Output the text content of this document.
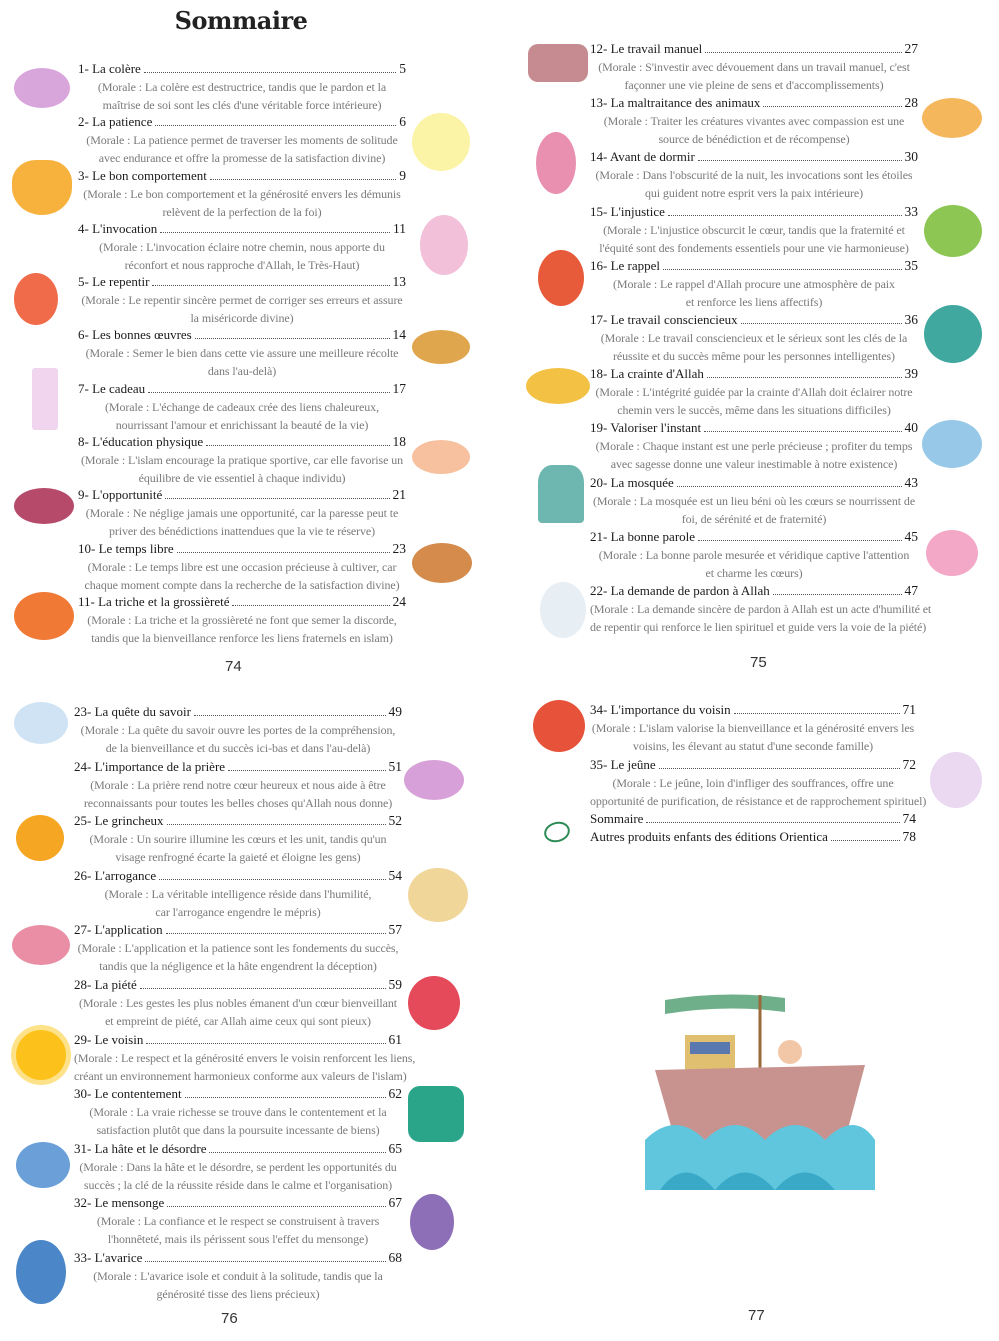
Sommaire
1- La colère	5
(Morale : La colère est destructrice, tandis que le pardon et la
maîtrise de soi sont les clés d'une véritable force intérieure)
2- La patience	6
(Morale : La patience permet de traverser les moments de solitude
avec endurance et offre la promesse de la satisfaction divine)
3- Le bon comportement	9
(Morale : Le bon comportement et la générosité envers les démunis
relèvent de la perfection de la foi)
4- L'invocation	11
(Morale : L'invocation éclaire notre chemin, nous apporte du
réconfort et nous rapproche d'Allah, le Très-Haut)
5- Le repentir	13
(Morale : Le repentir sincère permet de corriger ses erreurs et assure
la miséricorde divine)
6- Les bonnes œuvres	14
(Morale : Semer le bien dans cette vie assure une meilleure récolte
dans l'au-delà)
7- Le cadeau	17
(Morale : L'échange de cadeaux crée des liens chaleureux,
nourrissant l'amour et enrichissant la beauté de la vie)
8- L'éducation physique	18
(Morale : L'islam encourage la pratique sportive, car elle favorise un
équilibre de vie essentiel à chaque individu)
9- L'opportunité	21
(Morale : Ne néglige jamais une opportunité, car la paresse peut te
priver des bénédictions inattendues que la vie te réserve)
10- Le temps libre	23
(Morale : Le temps libre est une occasion précieuse à cultiver, car
chaque moment compte dans la recherche de la satisfaction divine)
11- La triche et la grossièreté	24
(Morale : La triche et la grossièreté ne font que semer la discorde,
tandis que la bienveillance renforce les liens fraternels en islam)
12- Le travail manuel	27
(Morale : S'investir avec dévouement dans un travail manuel, c'est
façonner une vie pleine de sens et d'accomplissements)
13- La maltraitance des animaux	28
(Morale : Traiter les créatures vivantes avec compassion est une
source de bénédiction et de récompense)
14- Avant de dormir	30
(Morale : Dans l'obscurité de la nuit, les invocations sont les étoiles
qui guident notre esprit vers la paix intérieure)
15- L'injustice	33
(Morale : L'injustice obscurcit le cœur, tandis que la fraternité et
l'équité sont des fondements essentiels pour une vie harmonieuse)
16- Le rappel	35
(Morale : Le rappel d'Allah procure une atmosphère de paix
et renforce les liens affectifs)
17- Le travail consciencieux	36
(Morale : Le travail consciencieux et le sérieux sont les clés de la
réussite et du succès même pour les personnes intelligentes)
18- La crainte d'Allah	39
(Morale : L'intégrité guidée par la crainte d'Allah doit éclairer notre
chemin vers le succès, même dans les situations difficiles)
19- Valoriser l'instant	40
(Morale : Chaque instant est une perle précieuse ; profiter du temps
avec sagesse donne une valeur inestimable à notre existence)
20- La mosquée	43
(Morale : La mosquée est un lieu béni où les cœurs se nourrissent de
foi, de sérénité et de fraternité)
21- La bonne parole	45
(Morale : La bonne parole mesurée et véridique captive l'attention
et charme les cœurs)
22- La demande de pardon à Allah	47
(Morale : La demande sincère de pardon à Allah est un acte d'humilité et
de repentir qui renforce le lien spirituel et guide vers la voie de la piété)
23- La quête du savoir	49
(Morale : La quête du savoir ouvre les portes de la compréhension,
de la bienveillance et du succès ici-bas et dans l'au-delà)
24- L'importance de la prière	51
(Morale : La prière rend notre cœur heureux et nous aide à être
reconnaissants pour toutes les belles choses qu'Allah nous donne)
25- Le grincheux	52
(Morale : Un sourire illumine les cœurs et les unit, tandis qu'un
visage renfrogné écarte la gaieté et éloigne les gens)
26- L'arrogance	54
(Morale : La véritable intelligence réside dans l'humilité,
car l'arrogance engendre le mépris)
27- L'application	57
(Morale : L'application et la patience sont les fondements du succès,
tandis que la négligence et la hâte engendrent la déception)
28- La piété	59
(Morale : Les gestes les plus nobles émanent d'un cœur bienveillant
et empreint de piété, car Allah aime ceux qui sont pieux)
29- Le voisin	61
(Morale : Le respect et la générosité envers le voisin renforcent les liens,
créant un environnement harmonieux conforme aux valeurs de l'islam)
30- Le contentement	62
(Morale : La vraie richesse se trouve dans le contentement et la
satisfaction plutôt que dans la poursuite incessante de biens)
31- La hâte et le désordre	65
(Morale : Dans la hâte et le désordre, se perdent les opportunités du
succès ; la clé de la réussite réside dans le calme et l'organisation)
32- Le mensonge	67
(Morale : La confiance et le respect se construisent à travers
l'honnêteté, mais ils périssent sous l'effet du mensonge)
33- L'avarice	68
(Morale : L'avarice isole et conduit à la solitude, tandis que la
générosité tisse des liens précieux)
34- L'importance du voisin	71
(Morale : L'islam valorise la bienveillance et la générosité envers les
voisins, les élevant au statut d'une seconde famille)
35- Le jeûne	72
(Morale : Le jeûne, loin d'infliger des souffrances, offre une
opportunité de purification, de résistance et de rapprochement spirituel)
Sommaire	74
Autres produits enfants des éditions Orientica	78
74	75
76	77
